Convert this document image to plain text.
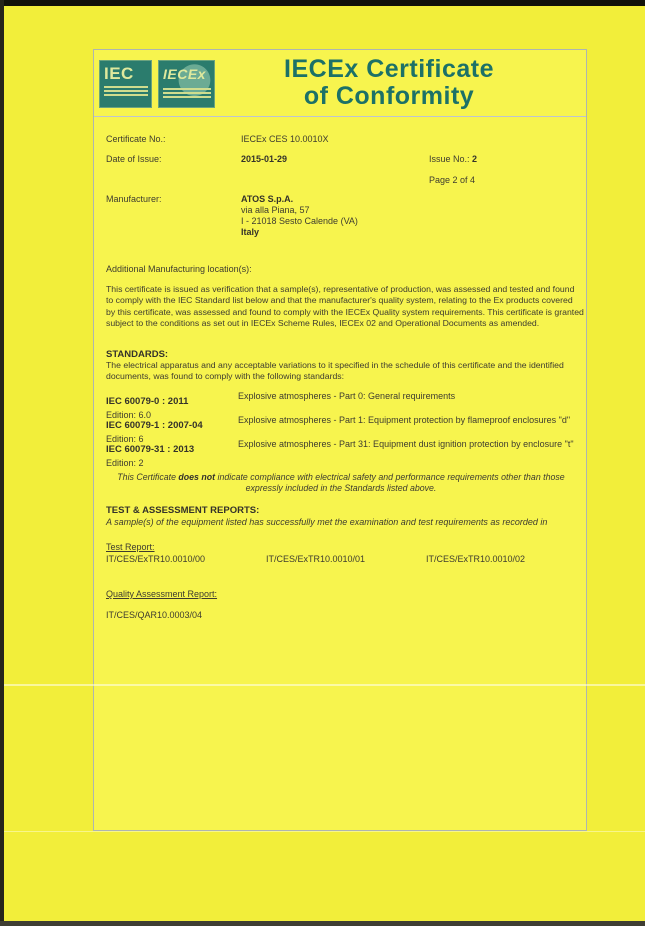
IEC	IECEx	IECEx Certificate
of Conformity
Certificate No.:	IECEx CES 10.0010X
Date of Issue:	2015-01-29	Issue No.: 2
Page 2 of 4
Manufacturer:	ATOS S.p.A.
via alla Piana, 57
I - 21018 Sesto Calende (VA)
Italy
Additional Manufacturing location(s):
This certificate is issued as verification that a sample(s), representative of production, was assessed and tested and found to comply with the IEC Standard list below and that the manufacturer's quality system, relating to the Ex products covered by this certificate, was assessed and found to comply with the IECEx Quality system requirements. This certificate is granted subject to the conditions as set out in IECEx Scheme Rules, IECEx 02 and Operational Documents as amended.
STANDARDS:
The electrical apparatus and any acceptable variations to it specified in the schedule of this certificate and the identified documents, was found to comply with the following standards:
IEC 60079-0 : 2011
Edition: 6.0
Explosive atmospheres - Part 0: General requirements
IEC 60079-1 : 2007-04
Edition: 6
Explosive atmospheres - Part 1: Equipment protection by flameproof enclosures "d"
IEC 60079-31 : 2013
Edition: 2
Explosive atmospheres - Part 31: Equipment dust ignition protection by enclosure "t"
This Certificate does not indicate compliance with electrical safety and performance requirements other than those expressly included in the Standards listed above.
TEST & ASSESSMENT REPORTS:
A sample(s) of the equipment listed has successfully met the examination and test requirements as recorded in
Test Report:
IT/CES/ExTR10.0010/00	IT/CES/ExTR10.0010/01	IT/CES/ExTR10.0010/02
Quality Assessment Report:
IT/CES/QAR10.0003/04
